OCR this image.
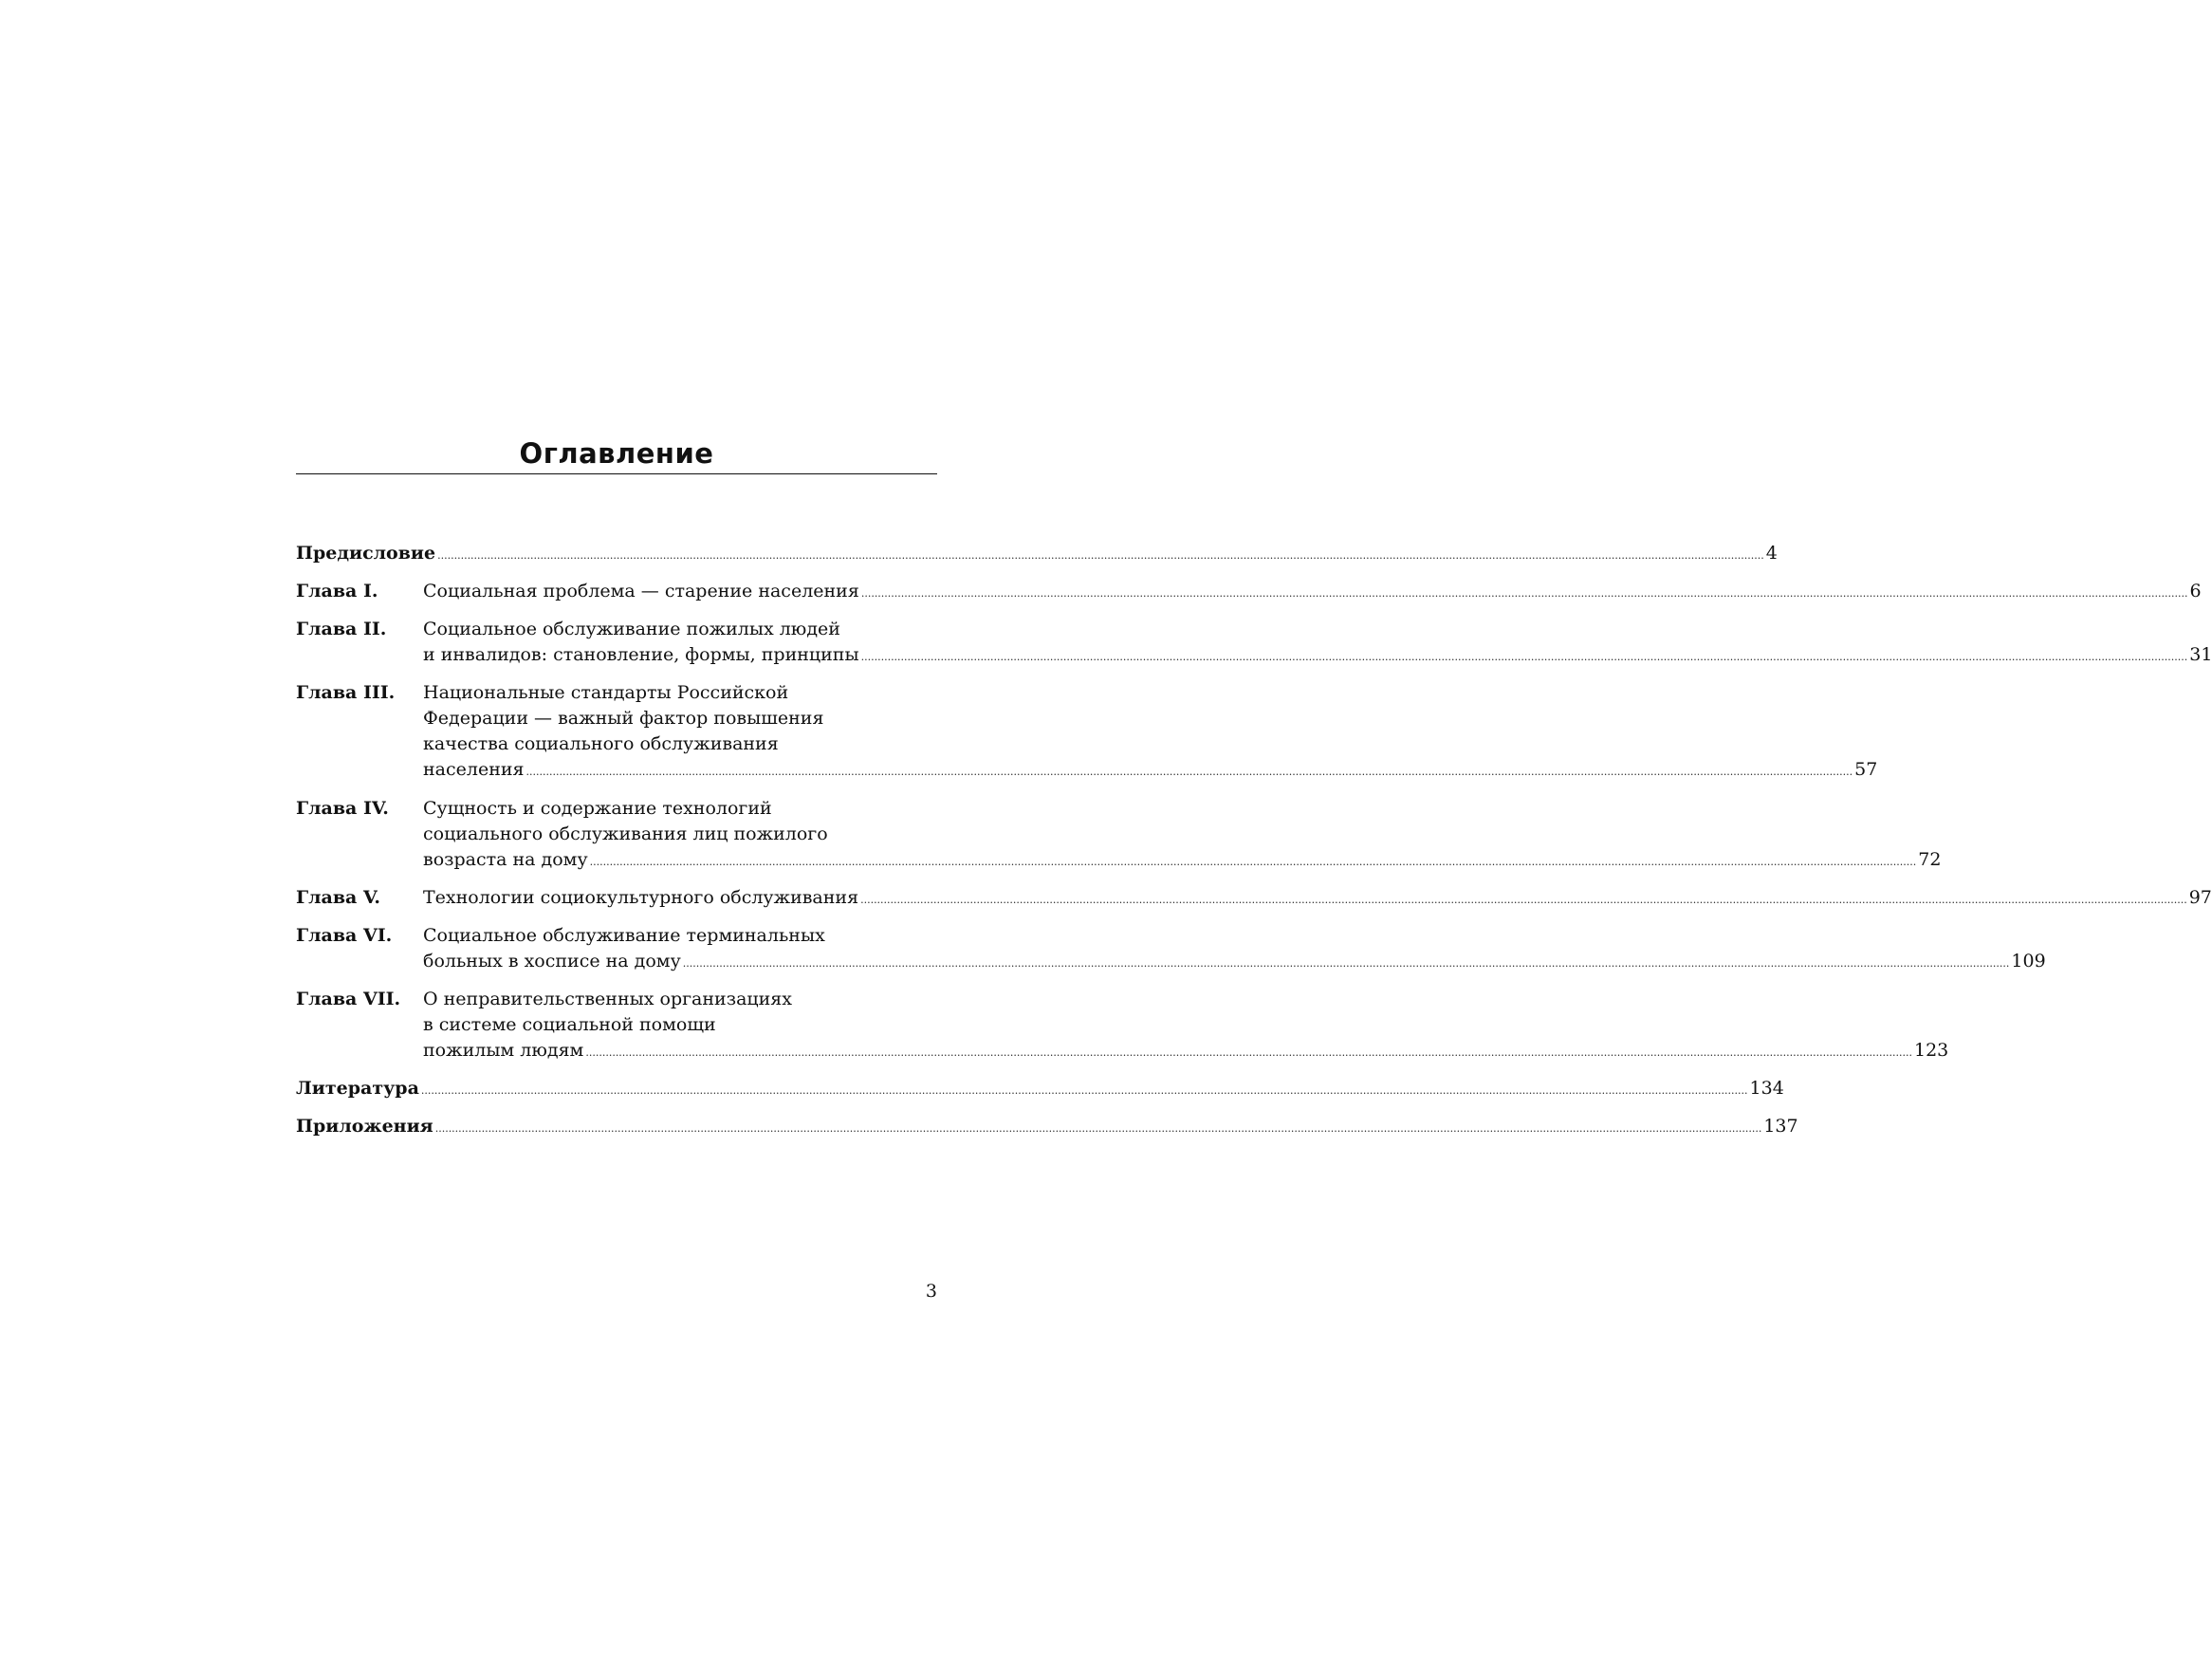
Оглавление
Предисловие ................................................................................................................................................................................................................................................................................................................................................................................................................ 4
Глава I.	Социальная проблема — старение населения ................................................................................................................................................................................................................................................................................................................................................................................................................ 6
Глава II. Социальное обслуживание пожилых людей
и инвалидов: становление, формы, принципы ................................................................................................................................................................................................................................................................................................................................................................................................................ 31
Глава III. Национальные стандарты Российской
Федерации — важный фактор повышения
качества социального обслуживания
населения ................................................................................................................................................................................................................................................................................................................................................................................................................ 57
Глава IV. Сущность и содержание технологий
социального обслуживания лиц пожилого
возраста на дому ................................................................................................................................................................................................................................................................................................................................................................................................................ 72
Глава V. Технологии социокультурного обслуживания ................................................................................................................................................................................................................................................................................................................................................................................................................ 97
Глава VI. Социальное обслуживание терминальных
больных в хосписе на дому ................................................................................................................................................................................................................................................................................................................................................................................................................ 109
Глава VII. О неправительственных организациях
в системе социальной помощи
пожилым людям ................................................................................................................................................................................................................................................................................................................................................................................................................ 123
Литература ................................................................................................................................................................................................................................................................................................................................................................................................................ 134
Приложения ................................................................................................................................................................................................................................................................................................................................................................................................................ 137
3
